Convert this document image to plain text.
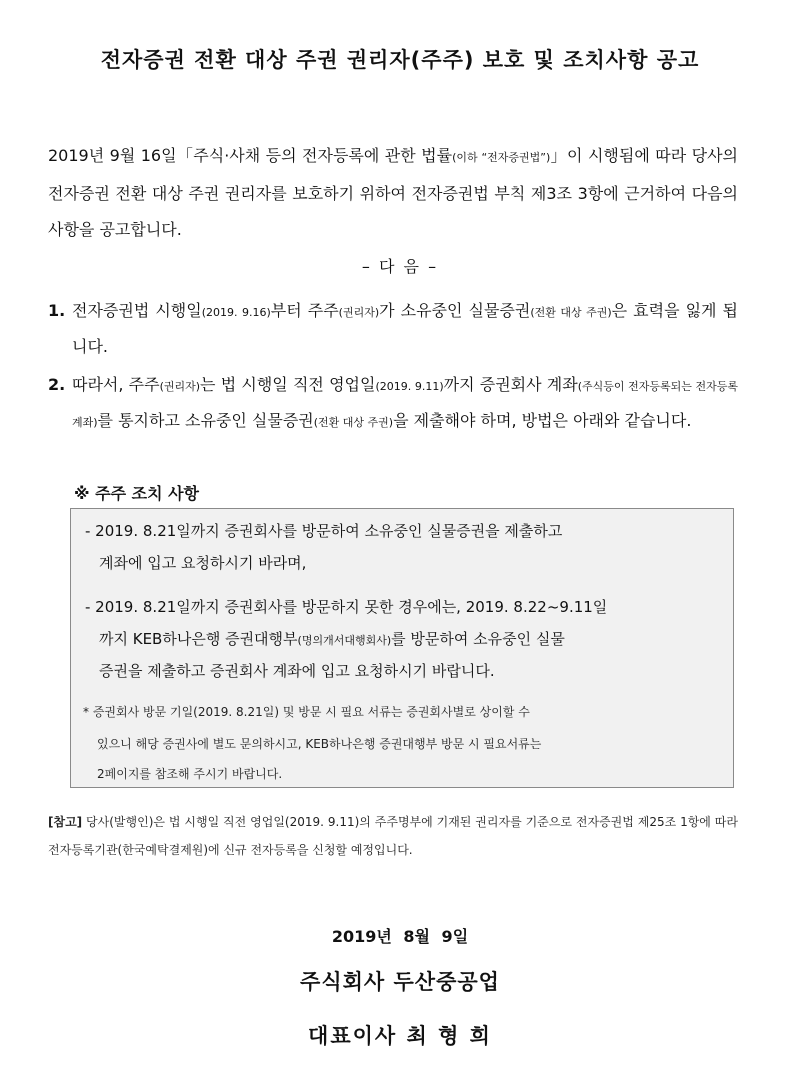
전자증권 전환 대상 주권 권리자(주주) 보호 및 조치사항 공고
2019년 9월 16일「주식·사채 등의 전자등록에 관한 법률(이하 “전자증권법”)」이 시행됨에 따라 당사의 전자증권 전환 대상 주권 권리자를 보호하기 위하여 전자증권법 부칙 제3조 3항에 근거하여 다음의 사항을 공고합니다.
– 다 음 –
1. 전자증권법 시행일(2019. 9.16)부터 주주(권리자)가 소유중인 실물증권(전환 대상 주권)은 효력을 잃게 됩니다.
2. 따라서, 주주(권리자)는 법 시행일 직전 영업일(2019. 9.11)까지 증권회사 계좌(주식등이 전자등록되는 전자등록계좌)를 통지하고 소유중인 실물증권(전환 대상 주권)을 제출해야 하며, 방법은 아래와 같습니다.
※ 주주 조치 사항
- 2019. 8.21일까지 증권회사를 방문하여 소유중인 실물증권을 제출하고
계좌에 입고 요청하시기 바라며,
- 2019. 8.21일까지 증권회사를 방문하지 못한 경우에는, 2019. 8.22~9.11일
까지 KEB하나은행 증권대행부(명의개서대행회사)를 방문하여 소유중인 실물
증권을 제출하고 증권회사 계좌에 입고 요청하시기 바랍니다.
* 증권회사 방문 기일(2019. 8.21일) 및 방문 시 필요 서류는 증권회사별로 상이할 수
있으니 해당 증권사에 별도 문의하시고, KEB하나은행 증권대행부 방문 시 필요서류는
2페이지를 참조해 주시기 바랍니다.
[참고] 당사(발행인)은 법 시행일 직전 영업일(2019. 9.11)의 주주명부에 기재된 권리자를 기준으로 전자증권법 제25조 1항에 따라 전자등록기관(한국예탁결제원)에 신규 전자등록을 신청할 예정입니다.
2019년 8월 9일
주식회사 두산중공업
대표이사 최 형 희
